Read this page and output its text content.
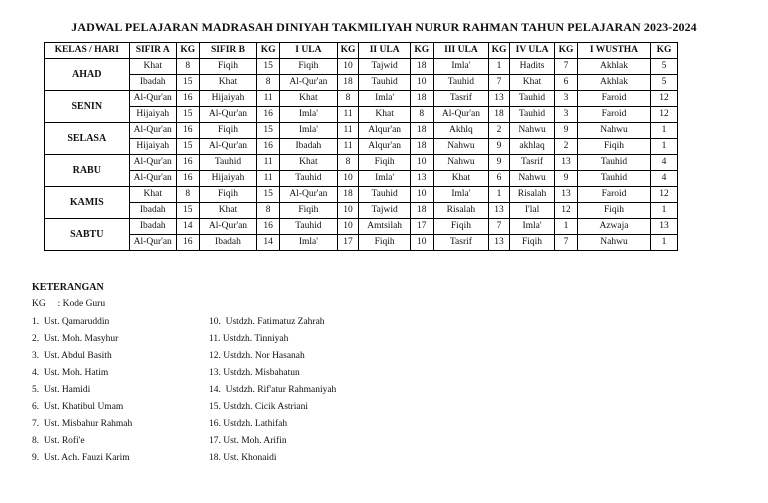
JADWAL PELAJARAN MADRASAH DINIYAH TAKMILIYAH NURUR RAHMAN TAHUN PELAJARAN 2023-2024
KELAS / HARI	SIFIR A	KG	SIFIR B	KG	I ULA	KG	II ULA	KG	III ULA	KG	IV ULA	KG	I WUSTHA	KG
AHAD	Khat	8	Fiqih	15	Fiqih	10	Tajwid	18	Imla'	1	Hadits	7	Akhlak	5
	Ibadah	15	Khat	8	Al-Qur'an	18	Tauhid	10	Tauhid	7	Khat	6	Akhlak	5
SENIN	Al-Qur'an	16	Hijaiyah	11	Khat	8	Imla'	18	Tasrif	13	Tauhid	3	Faroid	12
	Hijaiyah	15	Al-Qur'an	16	Imla'	11	Khat	8	Al-Qur'an	18	Tauhid	3	Faroid	12
SELASA	Al-Qur'an	16	Fiqih	15	Imla'	11	Alqur'an	18	Akhlq	2	Nahwu	9	Nahwu	1
	Hijaiyah	15	Al-Qur'an	16	Ibadah	11	Alqur'an	18	Nahwu	9	akhlaq	2	Fiqih	1
RABU	Al-Qur'an	16	Tauhid	11	Khat	8	Fiqih	10	Nahwu	9	Tasrif	13	Tauhid	4
	Al-Qur'an	16	Hijaiyah	11	Tauhid	10	Imla'	13	Khat	6	Nahwu	9	Tauhid	4
KAMIS	Khat	8	Fiqih	15	Al-Qur'an	18	Tauhid	10	Imla'	1	Risalah	13	Faroid	12
	Ibadah	15	Khat	8	Fiqih	10	Tajwid	18	Risalah	13	I'lal	12	Fiqih	1
SABTU	Ibadah	14	Al-Qur'an	16	Tauhid	10	Amtsilah	17	Fiqih	7	Imla'	1	Azwaja	13
	Al-Qur'an	16	Ibadah	14	Imla'	17	Fiqih	10	Tasrif	13	Fiqih	7	Nahwu	1
KETERANGAN
KG     : Kode Guru
1.  Ust. Qamaruddin
2.  Ust. Moh. Masyhur
3.  Ust. Abdul Basith
4.  Ust. Moh. Hatim
5.  Ust. Hamidi
6.  Ust. Khatibul Umam
7.  Ust. Misbahur Rahmah
8.  Ust. Rofi'e
9.  Ust. Ach. Fauzi Karim
10.  Ustdzh. Fatimatuz Zahrah
11. Ustdzh. Tinniyah
12. Ustdzh. Nor Hasanah
13. Ustdzh. Misbahatun
14.  Ustdzh. Rif'atur Rahmaniyah
15. Ustdzh. Cicik Astriani
16. Ustdzh. Lathifah
17. Ust. Moh. Arifin
18. Ust. Khonaidi
